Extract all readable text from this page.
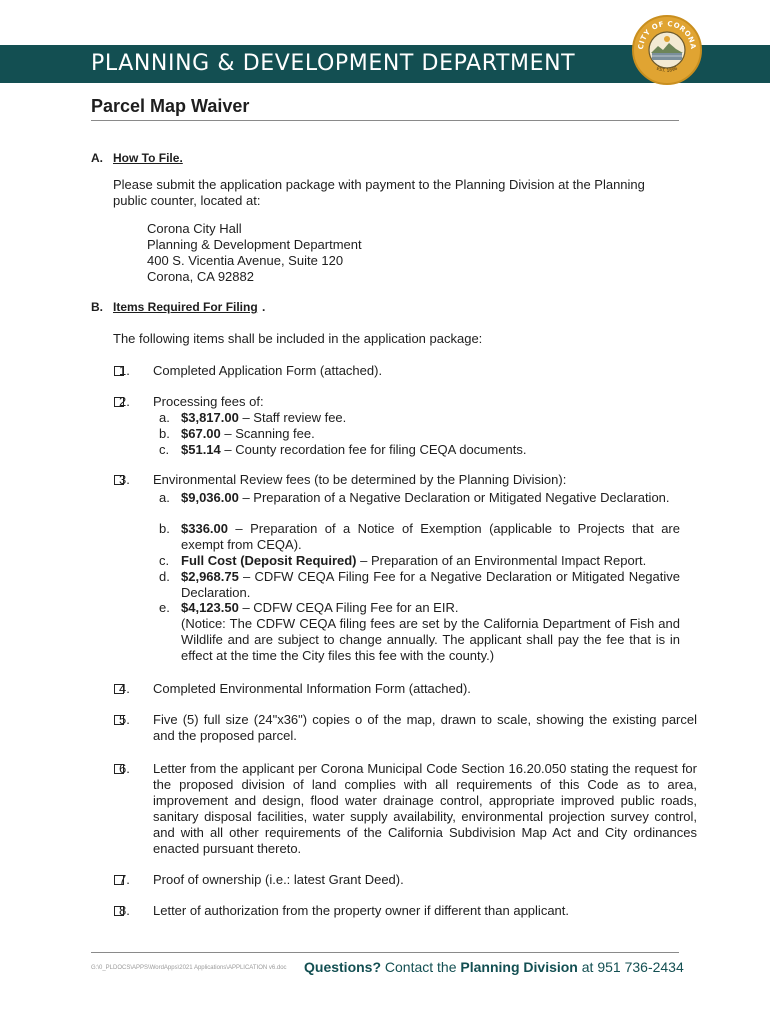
PLANNING & DEVELOPMENT DEPARTMENT
CITY OF CORONA
EST. 1896
Parcel Map Waiver
A. How To File.
Please submit the application package with payment to the Planning Division at the Planning public counter, located at:
Corona City Hall
Planning & Development Department
400 S. Vicentia Avenue, Suite 120
Corona, CA 92882
B. Items Required For Filing .
The following items shall be included in the application package:
1. Completed Application Form (attached).
2. Processing fees of:
a. $3,817.00 – Staff review fee.
b. $67.00 – Scanning fee.
c. $51.14 – County recordation fee for filing CEQA documents.
3. Environmental Review fees (to be determined by the Planning Division):
a. $9,036.00 – Preparation of a Negative Declaration or Mitigated Negative Declaration.
b. $336.00 – Preparation of a Notice of Exemption (applicable to Projects that are exempt from CEQA).
c. Full Cost (Deposit Required) – Preparation of an Environmental Impact Report.
d. $2,968.75 – CDFW CEQA Filing Fee for a Negative Declaration or Mitigated Negative Declaration.
e. $4,123.50 – CDFW CEQA Filing Fee for an EIR.
(Notice: The CDFW CEQA filing fees are set by the California Department of Fish and Wildlife and are subject to change annually. The applicant shall pay the fee that is in effect at the time the City files this fee with the county.)
4. Completed Environmental Information Form (attached).
5. Five (5) full size (24"x36") copies o of the map, drawn to scale, showing the existing parcel and the proposed parcel.
6. Letter from the applicant per Corona Municipal Code Section 16.20.050 stating the request for the proposed division of land complies with all requirements of this Code as to area, improvement and design, flood water drainage control, appropriate improved public roads, sanitary disposal facilities, water supply availability, environmental projection survey control, and with all other requirements of the California Subdivision Map Act and City ordinances enacted pursuant thereto.
7. Proof of ownership (i.e.: latest Grant Deed).
8. Letter of authorization from the property owner if different than applicant.
G:\0_PLDOCS\APPS\WordApps\2021 Applications\APPLICATION v6.doc Questions? Contact the Planning Division at 951 736-2434
